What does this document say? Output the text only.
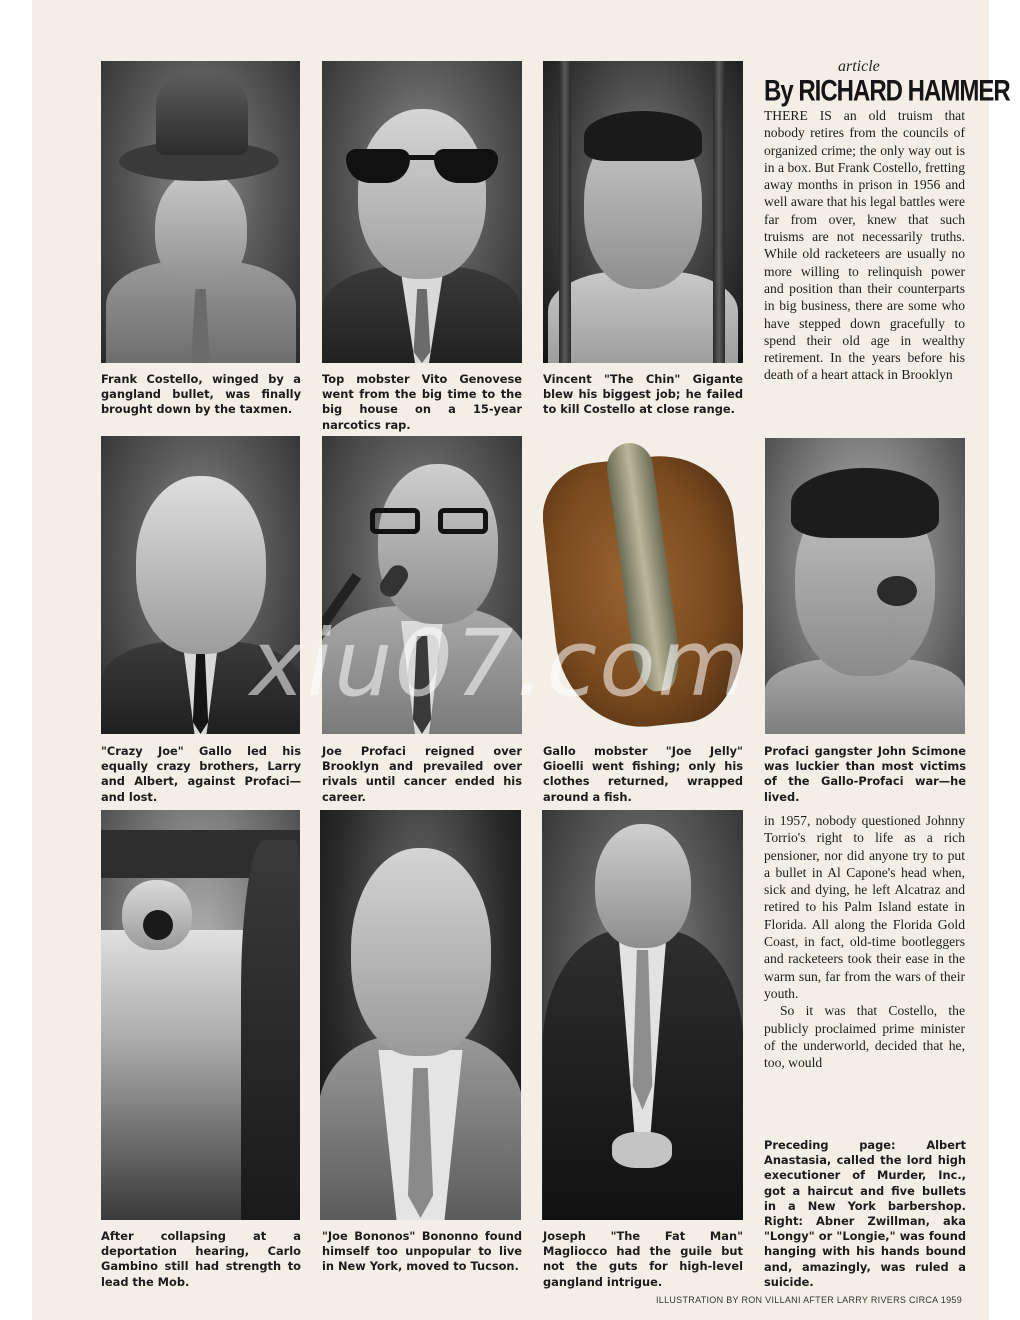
Frank Costello, winged by a gangland bullet, was finally brought down by the taxmen.
Top mobster Vito Genovese went from the big time to the big house on a 15-year narcotics rap.
Vincent "The Chin" Gigante blew his biggest job; he failed to kill Costello at close range.
article
By RICHARD HAMMER

THERE IS an old truism that nobody retires from the councils of organized crime; the only way out is in a box. But Frank Costello, fretting away months in prison in 1956 and well aware that his legal battles were far from over, knew that such truisms are not necessarily truths. While old racketeers are usually no more willing to relinquish power and position than their counterparts in big business, there are some who have stepped down gracefully to spend their old age in wealthy retirement. In the years before his death of a heart attack in Brooklyn

"Crazy Joe" Gallo led his equally crazy brothers, Larry and Albert, against Profaci—and lost.
Joe Profaci reigned over Brooklyn and prevailed over rivals until cancer ended his career.
Gallo mobster "Joe Jelly" Gioelli went fishing; only his clothes returned, wrapped around a fish.
Profaci gangster John Scimone was luckier than most victims of the Gallo-Profaci war—he lived.
After collapsing at a deportation hearing, Carlo Gambino still had strength to lead the Mob.
"Joe Bononos" Bononno found himself too unpopular to live in New York, moved to Tucson.
Joseph "The Fat Man" Magliocco had the guile but not the guts for high-level gangland intrigue.

in 1957, nobody questioned Johnny Torrio's right to life as a rich pensioner, nor did anyone try to put a bullet in Al Capone's head when, sick and dying, he left Alcatraz and retired to his Palm Island estate in Florida. All along the Florida Gold Coast, in fact, old-time bootleggers and racketeers took their ease in the warm sun, far from the wars of their youth.

So it was that Costello, the publicly proclaimed prime minister of the underworld, decided that he, too, would

Preceding page: Albert Anastasia, called the lord high executioner of Murder, Inc., got a haircut and five bullets in a New York barbershop. Right: Abner Zwillman, aka "Longy" or "Longie," was found hanging with his hands bound and, amazingly, was ruled a suicide.
ILLUSTRATION BY RON VILLANI AFTER LARRY RIVERS CIRCA 1959
xiu07.com
